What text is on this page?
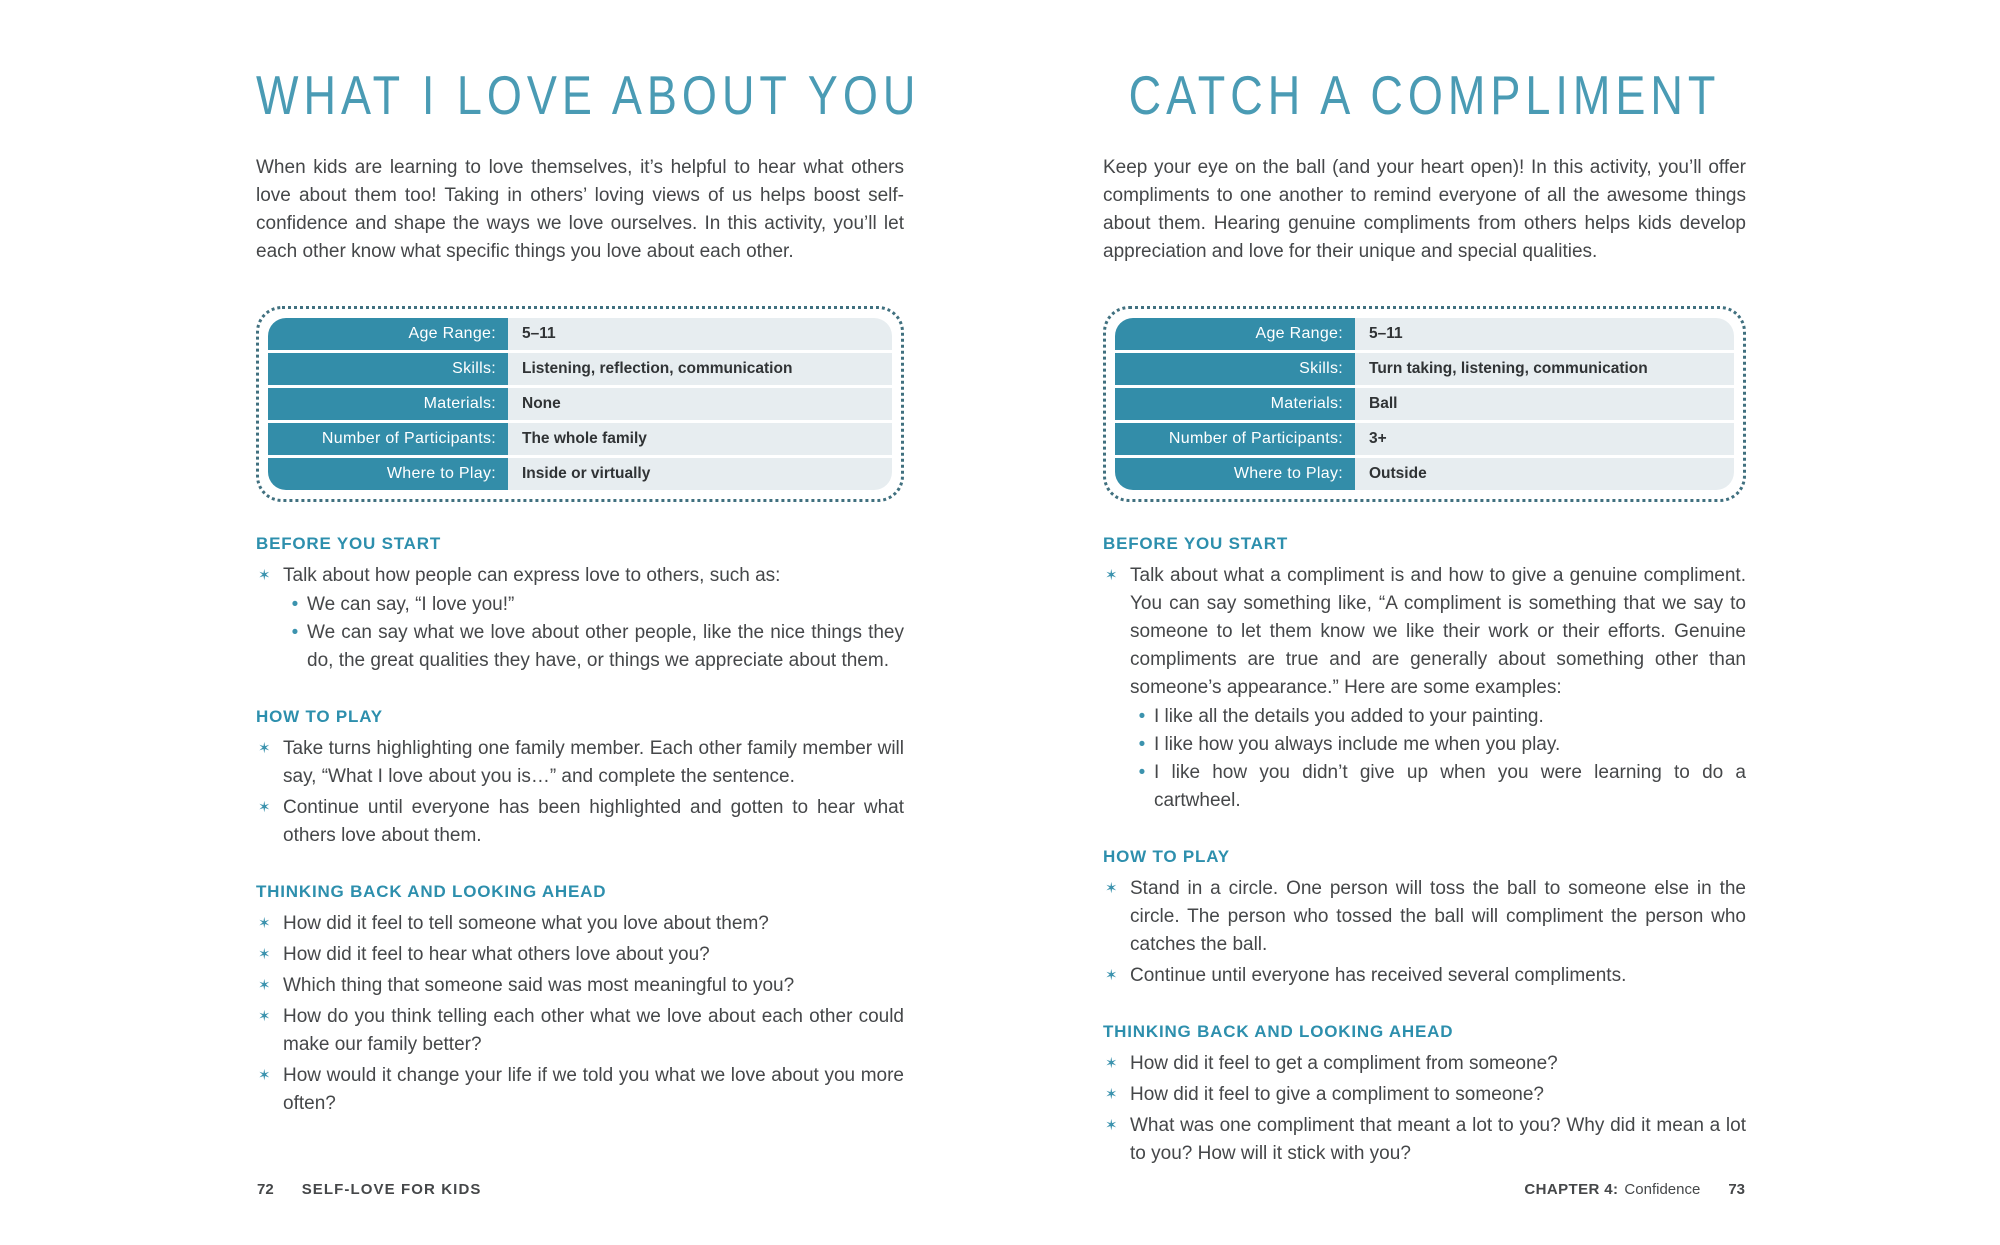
WHAT I LOVE ABOUT YOU
When kids are learning to love themselves, it’s helpful to hear what others love about them too! Taking in others’ loving views of us helps boost self-confidence and shape the ways we love ourselves. In this activity, you’ll let each other know what specific things you love about each other.
Age Range:	5–11
Skills:	Listening, reflection, communication
Materials:	None
Number of Participants:	The whole family
Where to Play:	Inside or virtually
BEFORE YOU START
✶ Talk about how people can express love to others, such as:
• We can say, “I love you!”
• We can say what we love about other people, like the nice things they do, the great qualities they have, or things we appreciate about them.
HOW TO PLAY
✶ Take turns highlighting one family member. Each other family member will say, “What I love about you is…” and complete the sentence.
✶ Continue until everyone has been highlighted and gotten to hear what others love about them.
THINKING BACK AND LOOKING AHEAD
✶ How did it feel to tell someone what you love about them?
✶ How did it feel to hear what others love about you?
✶ Which thing that someone said was most meaningful to you?
✶ How do you think telling each other what we love about each other could make our family better?
✶ How would it change your life if we told you what we love about you more often?
CATCH A COMPLIMENT
Keep your eye on the ball (and your heart open)! In this activity, you’ll offer compliments to one another to remind everyone of all the awesome things about them. Hearing genuine compliments from others helps kids develop appreciation and love for their unique and special qualities.
Age Range:	5–11
Skills:	Turn taking, listening, communication
Materials:	Ball
Number of Participants:	3+
Where to Play:	Outside
BEFORE YOU START
✶ Talk about what a compliment is and how to give a genuine compliment. You can say something like, “A compliment is something that we say to someone to let them know we like their work or their efforts. Genuine compliments are true and are generally about something other than someone’s appearance.” Here are some examples:
• I like all the details you added to your painting.
• I like how you always include me when you play.
• I like how you didn’t give up when you were learning to do a cartwheel.
HOW TO PLAY
✶ Stand in a circle. One person will toss the ball to someone else in the circle. The person who tossed the ball will compliment the person who catches the ball.
✶ Continue until everyone has received several compliments.
THINKING BACK AND LOOKING AHEAD
✶ How did it feel to get a compliment from someone?
✶ How did it feel to give a compliment to someone?
✶ What was one compliment that meant a lot to you? Why did it mean a lot to you? How will it stick with you?
72 SELF-LOVE FOR KIDS	CHAPTER 4: Confidence 73
